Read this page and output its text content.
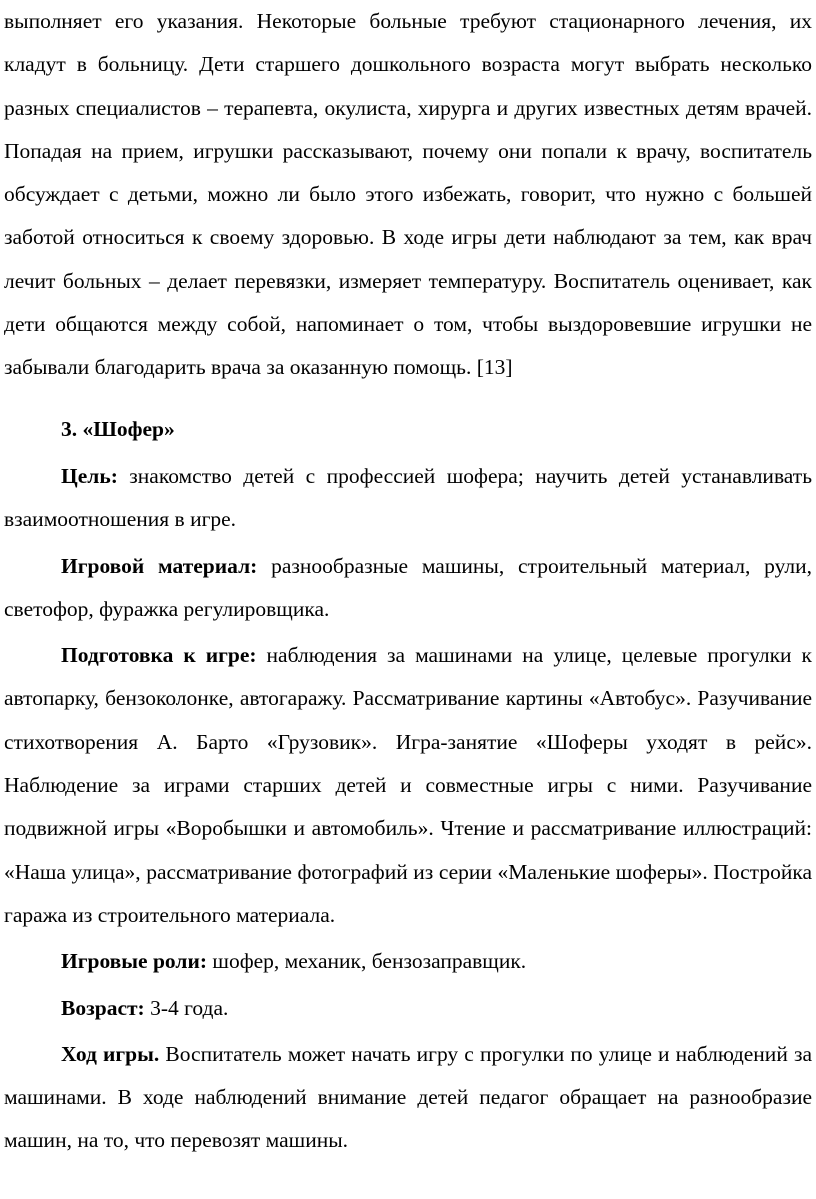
выполняет его указания. Некоторые больные требуют стационарного лечения, их кладут в больницу. Дети старшего дошкольного возраста могут выбрать несколько разных специалистов – терапевта, окулиста, хирурга и других известных детям врачей. Попадая на прием, игрушки рассказывают, почему они попали к врачу, воспитатель обсуждает с детьми, можно ли было этого избежать, говорит, что нужно с большей заботой относиться к своему здоровью. В ходе игры дети наблюдают за тем, как врач лечит больных – делает перевязки, измеряет температуру. Воспитатель оценивает, как дети общаются между собой, напоминает о том, чтобы выздоровевшие игрушки не забывали благодарить врача за оказанную помощь. [13]

3. «Шофер»

Цель: знакомство детей с профессией шофера; научить детей устанавливать взаимоотношения в игре.

Игровой материал: разнообразные машины, строительный материал, рули, светофор, фуражка регулировщика.

Подготовка к игре: наблюдения за машинами на улице, целевые прогулки к автопарку, бензоколонке, автогаражу. Рассматривание картины «Автобус». Разучивание стихотворения А. Барто «Грузовик». Игра-занятие «Шоферы уходят в рейс». Наблюдение за играми старших детей и совместные игры с ними. Разучивание подвижной игры «Воробышки и автомобиль». Чтение и рассматривание иллюстраций: «Наша улица», рассматривание фотографий из серии «Маленькие шоферы». Постройка гаража из строительного материала.

Игровые роли: шофер, механик, бензозаправщик.

Возраст: 3-4 года.

Ход игры. Воспитатель может начать игру с прогулки по улице и наблюдений за машинами. В ходе наблюдений внимание детей педагог обращает на разнообразие машин, на то, что перевозят машины.
